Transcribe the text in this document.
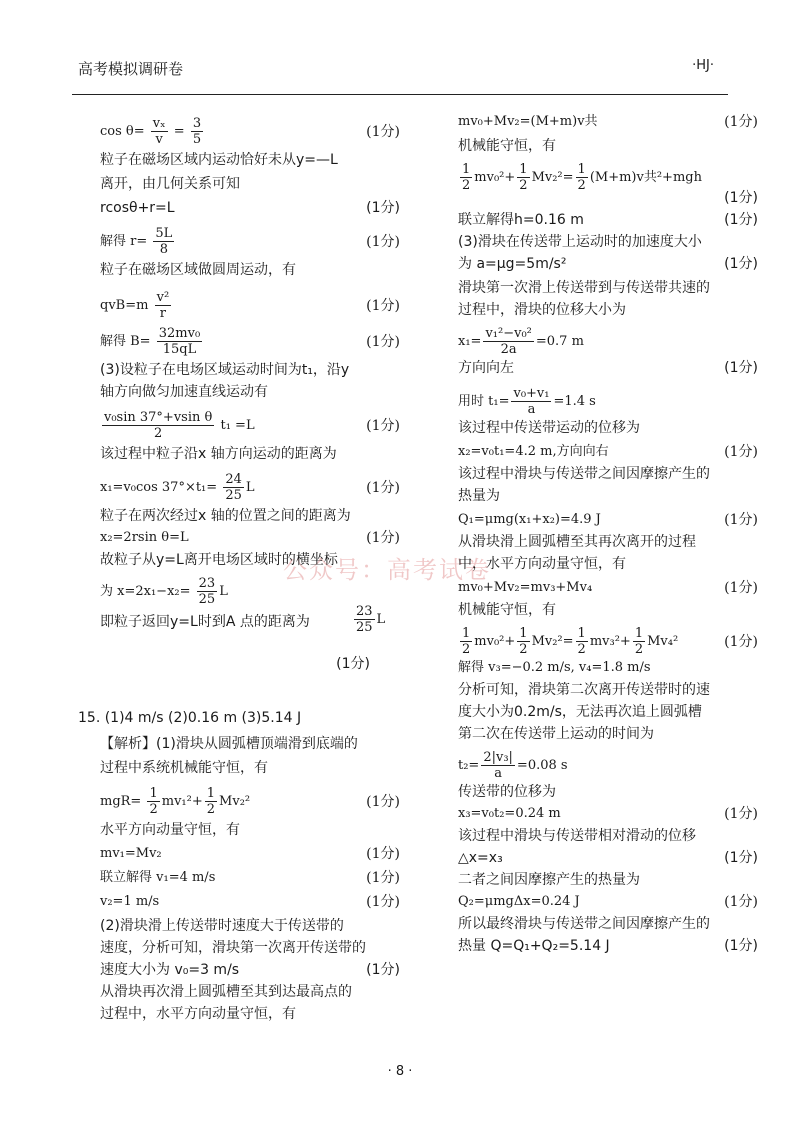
高考模拟调研卷	·HJ·
公众号：高考试卷
$\cos \theta= \frac{\text{vₓ}}{v} = \frac{3}{5}$	(1分)
粒子在磁场区域内运动恰好未从y=—L
离开，由几何关系可知
rcosθ+r=L	(1分)
解得 $r= \frac{5L}{8}$	(1分)
粒子在磁场区域做圆周运动，有
$qvB=m \frac{\text{v²}}{r}$	(1分)
解得 $B= \frac{\text{32mv₀}}{15qL}$	(1分)
(3)设粒子在电场区域运动时间为t₁，沿y
轴方向做匀加速直线运动有
$\frac{\text{v₀sin 37°+vsin θ}}{2} t_1 =L$	(1分)
该过程中粒子沿x 轴方向运动的距离为
x₁=v₀cos $37^\circ\times t_1= \frac{24}{25}$ L	(1分)
粒子在两次经过x 轴的位置之间的距离为
x₂=2rsin θ=L	(1分)
故粒子从y=L离开电场区域时的横坐标
为 $x=2x_1-x_2= \frac{23}{25}$ L
即粒子返回y=L时到A 点的距离为	$\frac{23}{25}$ L
(1分)
15. (1)4 m/s (2)0.16 m (3)5.14 J
【解析】(1)滑块从圆弧槽顶端滑到底端的
过程中系统机械能守恒，有
$mgR= \frac{1}{2} mv_1^2+ \frac{1}{2} Mv_2^2$	(1分)
水平方向动量守恒，有
mv₁=Mv₂	(1分)
联立解得 v₁=4 m/s	(1分)
v₂=1 m/s	(1分)
(2)滑块滑上传送带时速度大于传送带的
速度，分析可知，滑块第一次离开传送带的
速度大小为 v₀=3 m/s	(1分)
从滑块再次滑上圆弧槽至其到达最高点的
过程中，水平方向动量守恒，有
mv₀+Mv₂=(M+m)v共	(1分)
机械能守恒，有
$\frac{1}{2} mv_0^2+ \frac{1}{2} Mv_2^2= \frac{1}{2} (M+m)v$共²+mgh
(1分)
联立解得h=0.16 m	(1分)
(3)滑块在传送带上运动时的加速度大小
为 a=μg=5m/s²	(1分)
滑块第一次滑上传送带到与传送带共速的
过程中，滑块的位移大小为
$x_1= \frac{\text{v₁²−v₀²}}{2a} =0.7$ m
方向向左	(1分)
用时 $t_1= \frac{\text{v₀+v₁}}{a} =1.4$ s
该过程中传送带运动的位移为
x₂=v₀t₁=4.2 m,方向向右	(1分)
该过程中滑块与传送带之间因摩擦产生的
热量为
Q₁=μmg(x₁+x₂)=4.9 J	(1分)
从滑块滑上圆弧槽至其再次离开的过程
中，水平方向动量守恒，有
mv₀+Mv₂=mv₃+Mv₄	(1分)
机械能守恒，有
$\frac{1}{2} mv_0^2+ \frac{1}{2} Mv_2^2= \frac{1}{2} mv_3^2+ \frac{1}{2} Mv_4^2$	(1分)
解得 v₃=−0.2 m/s, v₄=1.8 m/s
分析可知，滑块第二次离开传送带时的速
度大小为0.2m/s，无法再次追上圆弧槽
第二次在传送带上运动的时间为
$t_2= \frac{\text{2|v₃|}}{a} =0.08$ s
传送带的位移为
x₃=v₀t₂=0.24 m	(1分)
该过程中滑块与传送带相对滑动的位移
△x=x₃	(1分)
二者之间因摩擦产生的热量为
Q₂=μmgΔx=0.24 J	(1分)
所以最终滑块与传送带之间因摩擦产生的
热量 Q=Q₁+Q₂=5.14 J	(1分)
· 8 ·
